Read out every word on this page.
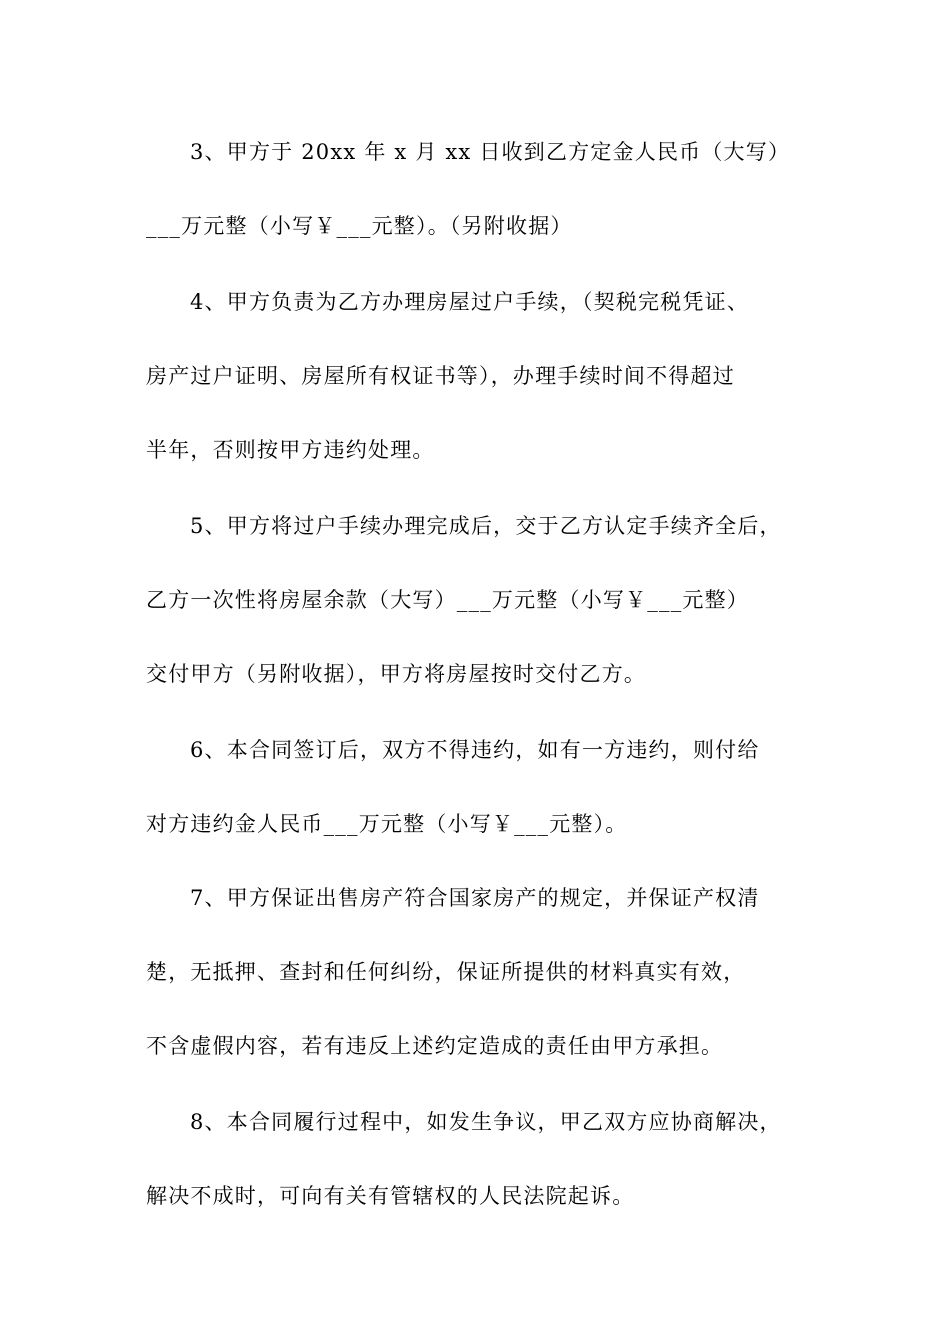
3、甲方于 20xx 年 x 月 xx 日收到乙方定金人民币（大写）
___万元整（小写￥___元整）。（另附收据）
4、甲方负责为乙方办理房屋过户手续，（契税完税凭证、
房产过户证明、房屋所有权证书等），办理手续时间不得超过
半年，否则按甲方违约处理。
5、甲方将过户手续办理完成后，交于乙方认定手续齐全后，
乙方一次性将房屋余款（大写）___万元整（小写￥___元整）
交付甲方（另附收据），甲方将房屋按时交付乙方。
6、本合同签订后，双方不得违约，如有一方违约，则付给
对方违约金人民币___万元整（小写￥___元整）。
7、甲方保证出售房产符合国家房产的规定，并保证产权清
楚，无抵押、查封和任何纠纷，保证所提供的材料真实有效，
不含虚假内容，若有违反上述约定造成的责任由甲方承担。
8、本合同履行过程中，如发生争议，甲乙双方应协商解决，
解决不成时，可向有关有管辖权的人民法院起诉。
